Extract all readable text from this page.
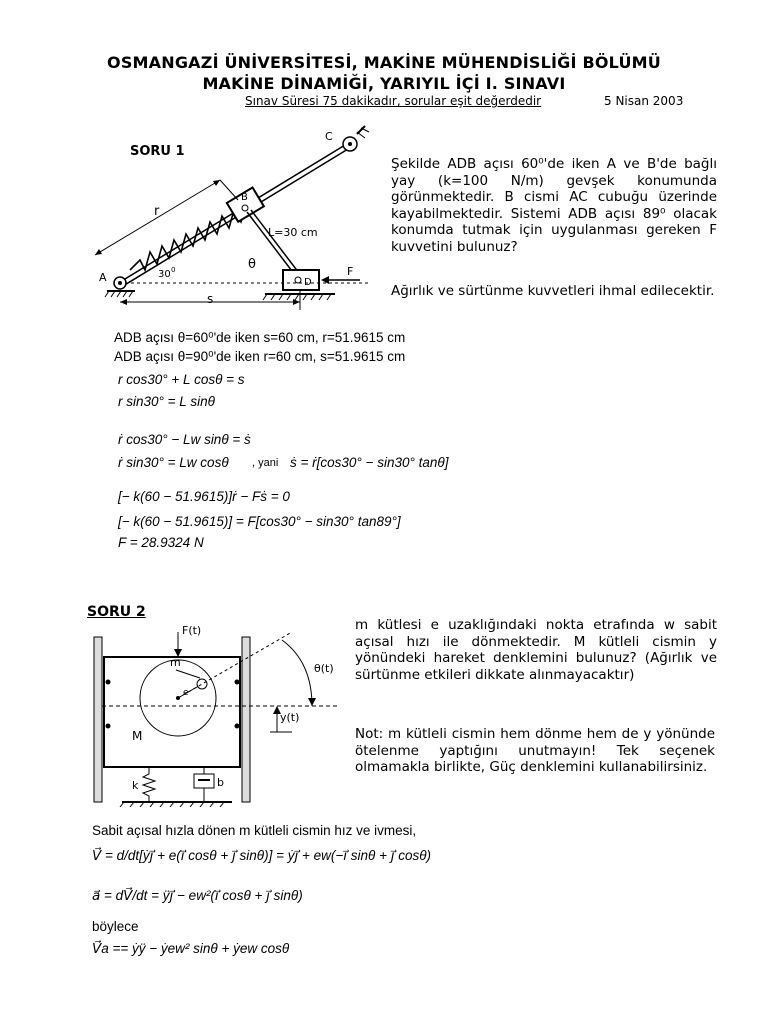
OSMANGAZİ ÜNİVERSİTESİ, MAKİNE MÜHENDİSLİĞİ BÖLÜMÜ
MAKİNE DİNAMİĞİ, YARIYIL İÇİ I. SINAVI
Sınav Süresi 75 dakikadır, sorular eşit değerdedir	5 Nisan 2003
SORU 1
C
B
A	D
F
r
s
L=30 cm
θ
30 0
Şekilde ADB açısı 60⁰'de iken A ve B'de bağlı yay (k=100 N/m) gevşek konumunda görünmektedir. B cismi AC cubuğu üzerinde kayabilmektedir. Sistemi ADB açısı 89⁰ olacak konumda tutmak için uygulanması gereken F kuvvetini bulunuz?
Ağırlık ve sürtünme kuvvetleri ihmal edilecektir.
ADB açısı θ=60⁰'de iken s=60 cm, r=51.9615 cm
ADB açısı θ=90⁰'de iken r=60 cm, s=51.9615 cm
r cos30° + L cosθ = s
r sin30° = L sinθ
ṙ cos30° − Lw sinθ = ṡ
ṙ sin30° = Lw cosθ , yani ṡ = ṙ[cos30° − sin30° tanθ]
[− k(60 − 51.9615)]ṙ − Fṡ = 0
[− k(60 − 51.9615)] = F[cos30° − sin30° tan89°]
F = 28.9324 N
SORU 2
F(t)
m
e
θ(t)
y(t)
M
k	b
m kütlesi e uzaklığındaki nokta etrafında w sabit açısal hızı ile dönmektedir. M kütleli cismin y yönündeki hareket denklemini bulunuz? (Ağırlık ve sürtünme etkileri dikkate alınmayacaktır)
Not: m kütleli cismin hem dönme hem de y yönünde ötelenme yaptığını unutmayın! Tek seçenek olmamakla birlikte, Güç denklemini kullanabilirsiniz.
Sabit açısal hızla dönen m kütleli cismin hız ve ivmesi,
V⃗ = d/dt[ẏj⃗ + e(i⃗ cosθ + j⃗ sinθ)] = ẏj⃗ + ew(−i⃗ sinθ + j⃗ cosθ)
a⃗ = dV⃗/dt = ÿj⃗ − ew²(i⃗ cosθ + j⃗ sinθ)
böylece
V⃗a == ẏÿ − ẏew² sinθ + ẏew cosθ
